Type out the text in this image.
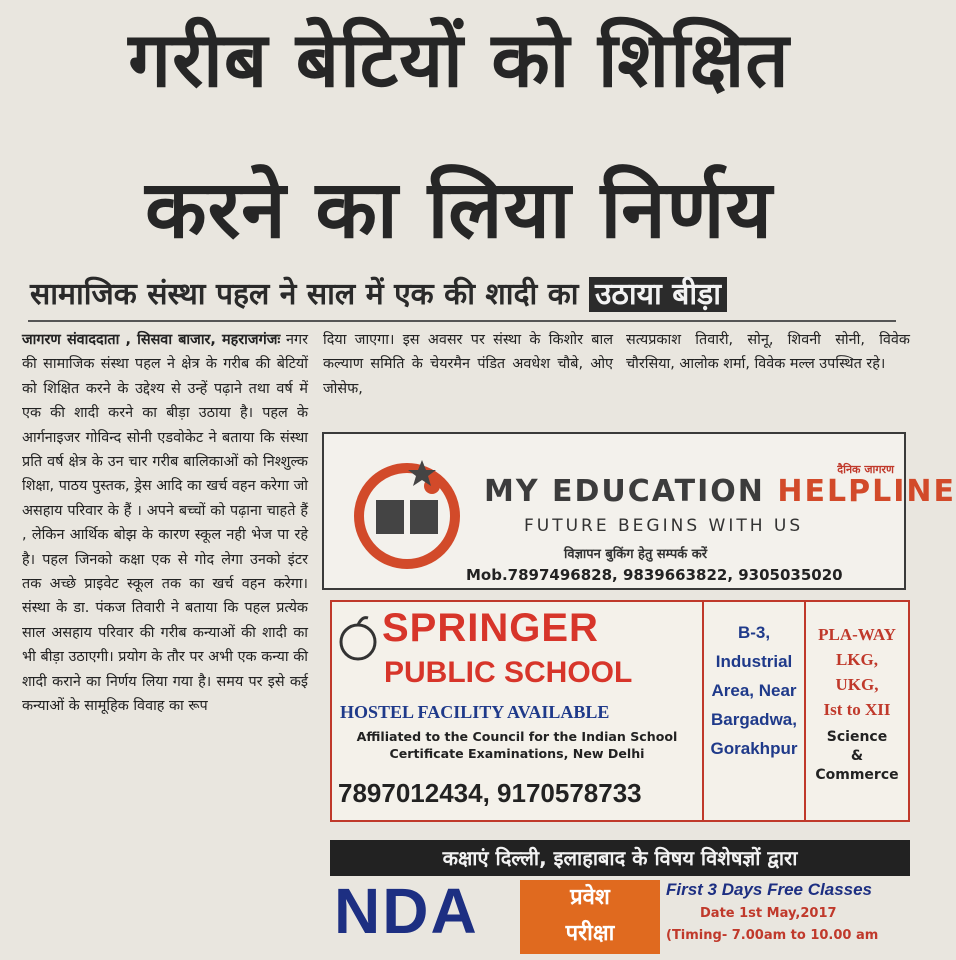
गरीब बेटियों को शिक्षित
करने का लिया निर्णय
सामाजिक संस्था पहल ने साल में एक की शादी का उठाया बीड़ा
जागरण संवाददाता , सिसवा बाजार, महराजगंजः नगर की सामाजिक संस्था पहल ने क्षेत्र के गरीब की बेटियों को शिक्षित करने के उद्देश्य से उन्हें पढ़ाने तथा वर्ष में एक की शादी करने का बीड़ा उठाया है। पहल के आर्गनाइजर गोविन्द सोनी एडवोकेट ने बताया कि संस्था प्रति वर्ष क्षेत्र के उन चार गरीब बालिकाओं को निश्शुल्क शिक्षा, पाठय पुस्तक, ड्रेस आदि का खर्च वहन करेगा जो असहाय परिवार के हैं । अपने बच्चों को पढ़ाना चाहते हैं , लेकिन आर्थिक बोझ के कारण स्कूल नही भेज पा रहे है। पहल जिनको कक्षा एक से गोद लेगा उनको इंटर तक अच्छे प्राइवेट स्कूल तक का खर्च वहन करेगा। संस्था के डा. पंकज तिवारी ने बताया कि पहल प्रत्येक साल असहाय परिवार की गरीब कन्याओं की शादी का भी बीड़ा उठाएगी। प्रयोग के तौर पर अभी एक कन्या की शादी कराने का निर्णय लिया गया है। समय पर इसे कई कन्याओं के सामूहिक विवाह का रूप
दिया जाएगा। इस अवसर पर संस्था के किशोर बाल कल्याण समिति के चेयरमैन पंडित अवधेश चौबे, ओए जोसेफ,
सत्यप्रकाश तिवारी, सोनू, शिवनी सोनी, विवेक चौरसिया, आलोक शर्मा, विवेक मल्ल उपस्थित रहे।
दैनिक जागरण
MY EDUCATION HELPLINE
FUTURE BEGINS WITH US
विज्ञापन बुकिंग हेतु सम्पर्क करें
Mob.7897496828, 9839663822, 9305035020
SPRINGER
PUBLIC SCHOOL
HOSTEL FACILITY AVAILABLE
Affiliated to the Council for the Indian School Certificate Examinations, New Delhi
7897012434, 9170578733
B-3,
Industrial
Area, Near
Bargadwa,
Gorakhpur
PLA-WAY
LKG,
UKG,
Ist to XII
Science
&
Commerce
कक्षाएं दिल्ली, इलाहाबाद के विषय विशेषज्ञों द्वारा
NDA	प्रवेश
परीक्षा
First 3 Days Free Classes
Date 1st May,2017
(Timing- 7.00am to 10.00 am
